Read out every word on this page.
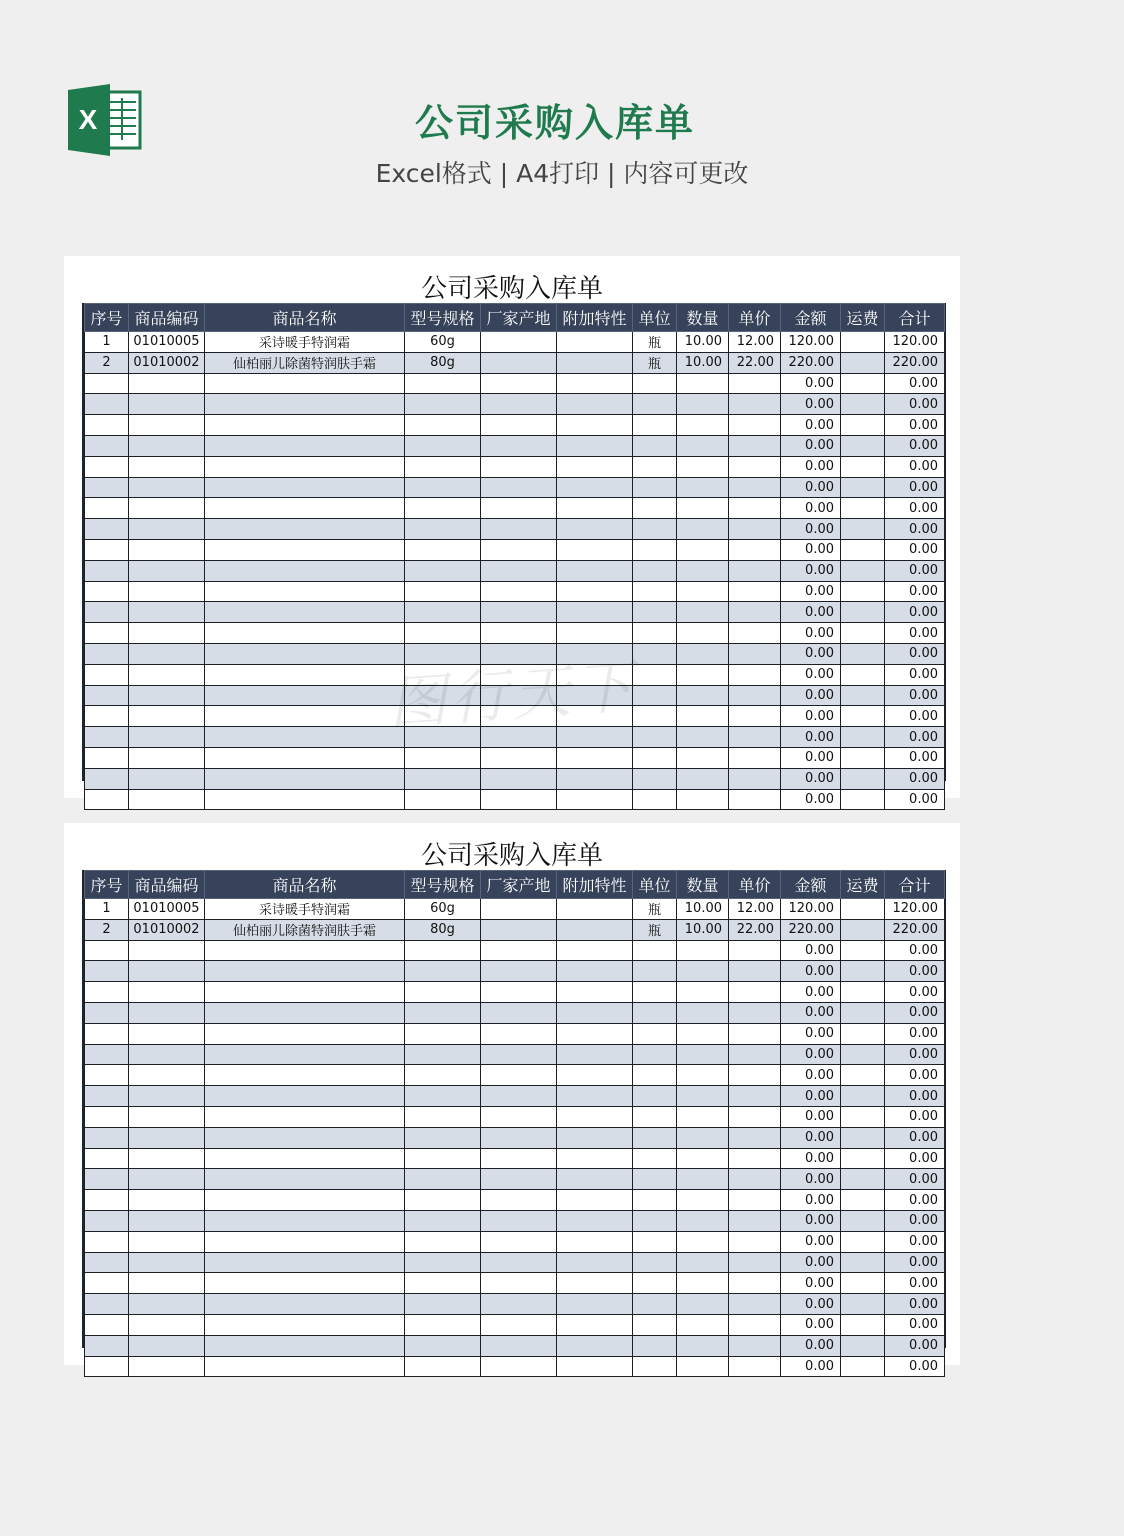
X	公司采购入库单
Excel格式 | A4打印 | 内容可更改
公司采购入库单
序号	商品编码	商品名称	型号规格	厂家产地	附加特性	单位	数量	单价	金额	运费	合计
1	01010005	采诗暖手特润霜	60g			瓶	10.00	12.00	120.00		120.00
2	01010002	仙柏丽儿除菌特润肤手霜	80g			瓶	10.00	22.00	220.00		220.00
									0.00		0.00
									0.00		0.00
									0.00		0.00
									0.00		0.00
									0.00		0.00
									0.00		0.00
									0.00		0.00
									0.00		0.00
									0.00		0.00
									0.00		0.00
									0.00		0.00
									0.00		0.00
									0.00		0.00
									0.00		0.00
									0.00		0.00
									0.00		0.00
									0.00		0.00
									0.00		0.00
									0.00		0.00
									0.00		0.00
									0.00		0.00
公司采购入库单
序号	商品编码	商品名称	型号规格	厂家产地	附加特性	单位	数量	单价	金额	运费	合计
1	01010005	采诗暖手特润霜	60g			瓶	10.00	12.00	120.00		120.00
2	01010002	仙柏丽儿除菌特润肤手霜	80g			瓶	10.00	22.00	220.00		220.00
									0.00		0.00
									0.00		0.00
									0.00		0.00
									0.00		0.00
									0.00		0.00
									0.00		0.00
									0.00		0.00
									0.00		0.00
									0.00		0.00
									0.00		0.00
									0.00		0.00
									0.00		0.00
									0.00		0.00
									0.00		0.00
									0.00		0.00
									0.00		0.00
									0.00		0.00
									0.00		0.00
									0.00		0.00
									0.00		0.00
									0.00		0.00
